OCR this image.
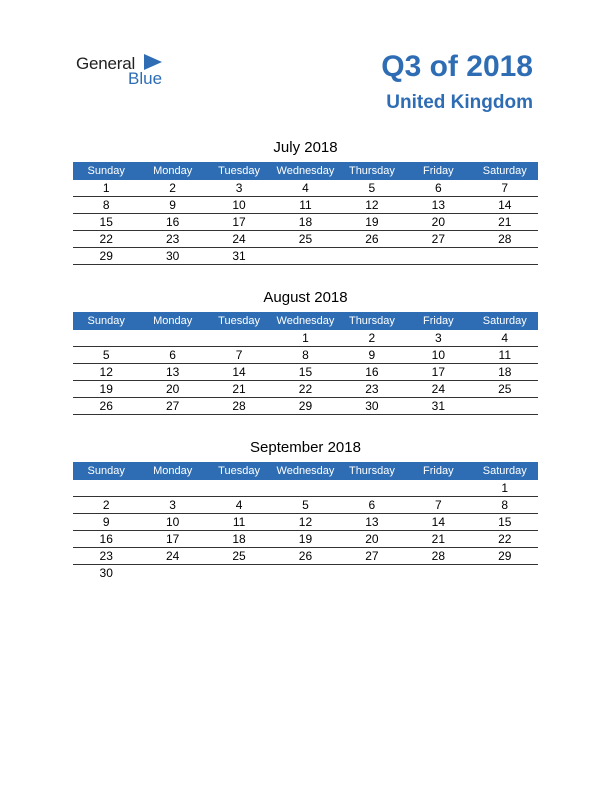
General
Blue	Q3 of 2018
United Kingdom
July 2018
Sunday	Monday	Tuesday	Wednesday	Thursday	Friday	Saturday
1	2	3	4	5	6	7
8	9	10	11	12	13	14
15	16	17	18	19	20	21
22	23	24	25	26	27	28
29	30	31				
August 2018
Sunday	Monday	Tuesday	Wednesday	Thursday	Friday	Saturday
			1	2	3	4
5	6	7	8	9	10	11
12	13	14	15	16	17	18
19	20	21	22	23	24	25
26	27	28	29	30	31	
September 2018
Sunday	Monday	Tuesday	Wednesday	Thursday	Friday	Saturday
						1
2	3	4	5	6	7	8
9	10	11	12	13	14	15
16	17	18	19	20	21	22
23	24	25	26	27	28	29
30						
